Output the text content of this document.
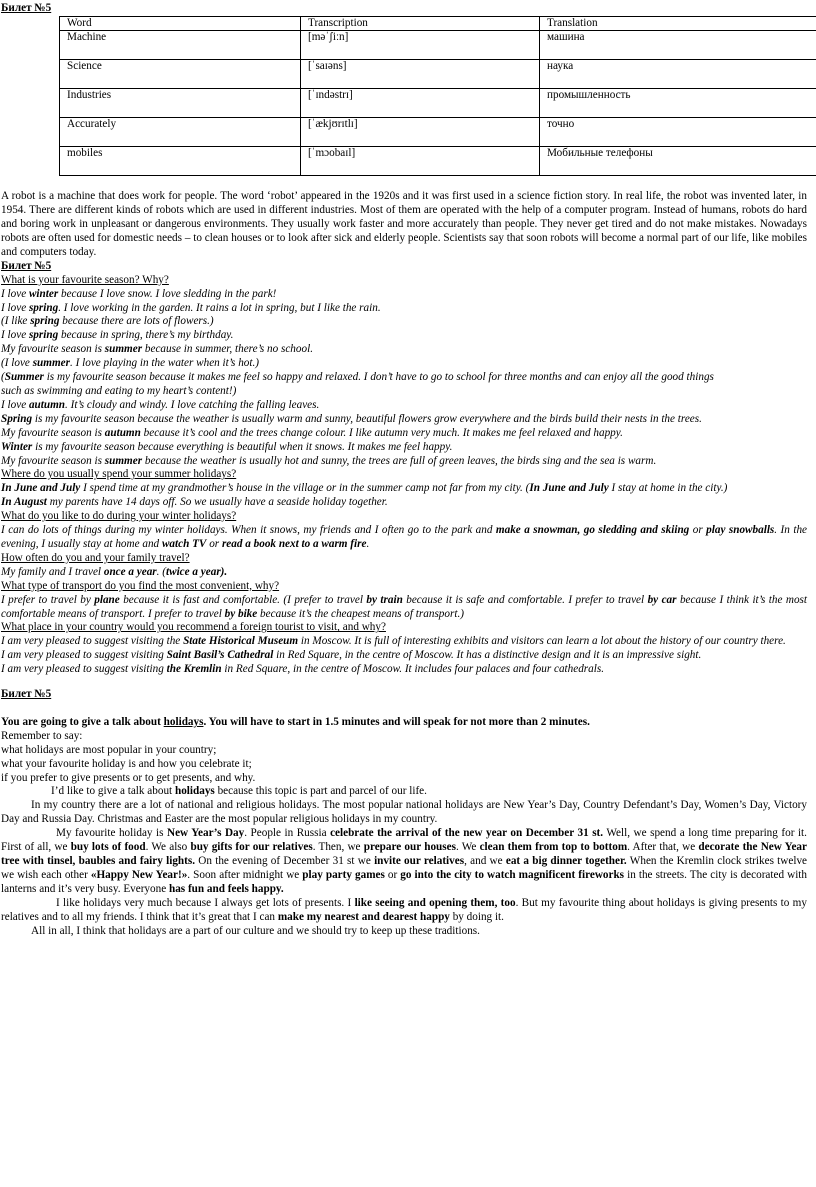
Билет №5

Word	Transcription	Translation
Machine	[məˈʃiːn]	машина
Science	[ˈsaɪəns]	наука
Industries	[ˈɪndəstrɪ]	промышленность
Accurately	[ˈækjʊrɪtlɪ]	точно
mobiles	[ˈmɔobaɪl]	Мобильные телефоны

A robot is a machine that does work for people. The word ‘robot’ appeared in the 1920s and it was first used in a science fiction story. In real life, the robot was invented later, in 1954. There are different kinds of robots which are used in different industries. Most of them are operated with the help of a computer program. Instead of humans, robots do hard and boring work in unpleasant or dangerous environments. They usually work faster and more accurately than people. They never get tired and do not make mistakes. Nowadays robots are often used for domestic needs – to clean houses or to look after sick and elderly people. Scientists say that soon robots will become a normal part of our life, like mobiles and computers today.

Билет №5

What is your favourite season? Why?

I love winter because I love snow. I love sledding in the park!

I love spring. I love working in the garden. It rains a lot in spring, but I like the rain.

(I like spring because there are lots of flowers.)

I love spring because in spring, there’s my birthday.

My favourite season is summer because in summer, there’s no school.

(I love summer. I love playing in the water when it’s hot.)

(Summer is my favourite season because it makes me feel so happy and relaxed. I don’t have to go to school for three months and can enjoy all the good things such as swimming and eating to my heart’s content!)

I love autumn. It’s cloudy and windy. I love catching the falling leaves.

Spring is my favourite season because the weather is usually warm and sunny, beautiful flowers grow everywhere and the birds build their nests in the trees.

My favourite season is autumn because it’s cool and the trees change colour. I like autumn very much. It makes me feel relaxed and happy.

Winter is my favourite season because everything is beautiful when it snows. It makes me feel happy.

My favourite season is summer because the weather is usually hot and sunny, the trees are full of green leaves, the birds sing and the sea is warm.

Where do you usually spend your summer holidays?

In June and July I spend time at my grandmother’s house in the village or in the summer camp not far from my city. (In June and July I stay at home in the city.)

In August my parents have 14 days off. So we usually have a seaside holiday together.

What do you like to do during your winter holidays?

I can do lots of things during my winter holidays. When it snows, my friends and I often go to the park and make a snowman, go sledding and skiing or play snowballs. In the evening, I usually stay at home and watch TV or read a book next to a warm fire.

How often do you and your family travel?

My family and I travel once a year. (twice a year).

What type of transport do you find the most convenient, why?

I prefer to travel by plane because it is fast and comfortable. (I prefer to travel by train because it is safe and comfortable. I prefer to travel by car because I think it’s the most comfortable means of transport. I prefer to travel by bike because it’s the cheapest means of transport.)

What place in your country would you recommend a foreign tourist to visit, and why?

I am very pleased to suggest visiting the State Historical Museum in Moscow. It is full of interesting exhibits and visitors can learn a lot about the history of our country there.

I am very pleased to suggest visiting Saint Basil’s Cathedral in Red Square, in the centre of Moscow. It has a distinctive design and it is an impressive sight.

I am very pleased to suggest visiting the Kremlin in Red Square, in the centre of Moscow. It includes four palaces and four cathedrals.

Билет №5

You are going to give a talk about holidays. You will have to start in 1.5 minutes and will speak for not more than 2 minutes.

Remember to say:

what holidays are most popular in your country;

what your favourite holiday is and how you celebrate it;

if you prefer to give presents or to get presents, and why.

I’d like to give a talk about holidays because this topic is part and parcel of our life.

In my country there are a lot of national and religious holidays. The most popular national holidays are New Year’s Day, Country Defendant’s Day, Women’s Day, Victory Day and Russia Day. Christmas and Easter are the most popular religious holidays in my country.

My favourite holiday is New Year’s Day. People in Russia celebrate the arrival of the new year on December 31 st. Well, we spend a long time preparing for it. First of all, we buy lots of food. We also buy gifts for our relatives. Then, we prepare our houses. We clean them from top to bottom. After that, we decorate the New Year tree with tinsel, baubles and fairy lights. On the evening of December 31 st we invite our relatives, and we eat a big dinner together. When the Kremlin clock strikes twelve we wish each other «Happy New Year!». Soon after midnight we play party games or go into the city to watch magnificent fireworks in the streets. The city is decorated with lanterns and it’s very busy. Everyone has fun and feels happy.

I like holidays very much because I always get lots of presents. I like seeing and opening them, too. But my favourite thing about holidays is giving presents to my relatives and to all my friends. I think that it’s great that I can make my nearest and dearest happy by doing it.

All in all, I think that holidays are a part of our culture and we should try to keep up these traditions.
